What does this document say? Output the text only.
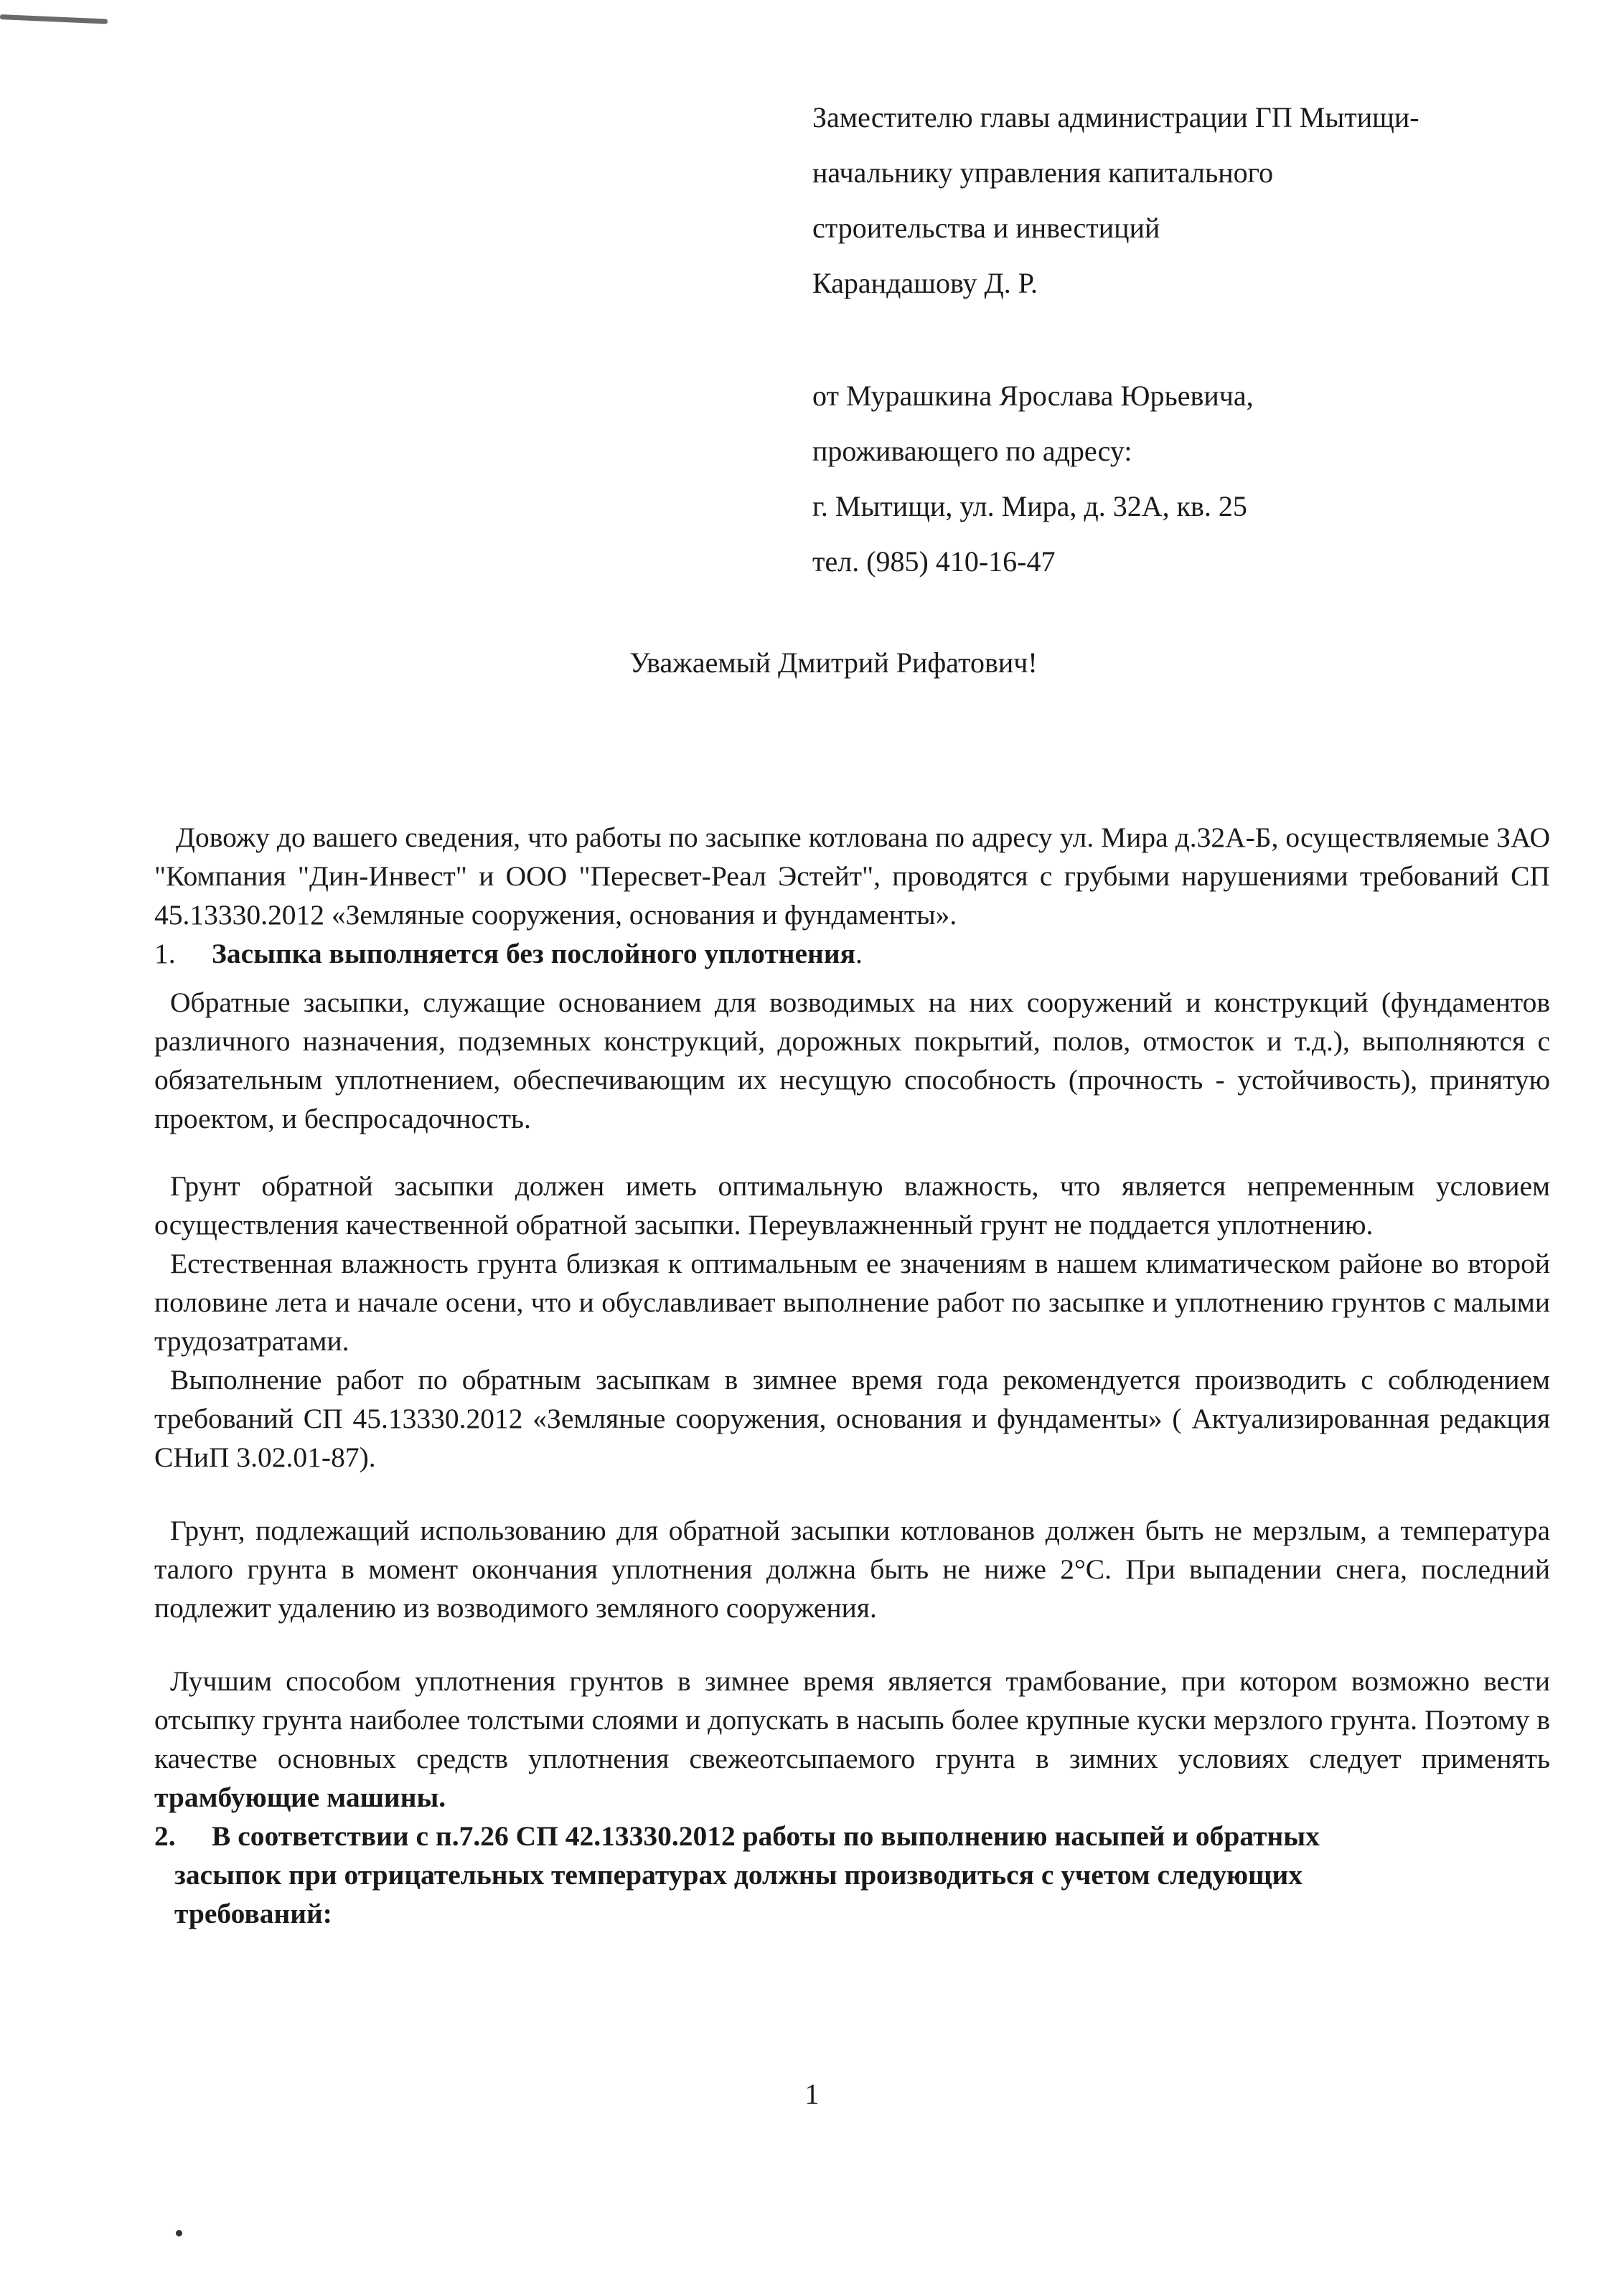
Заместителю главы администрации ГП Мытищи-
начальнику управления капитального
строительства и инвестиций
Карандашову Д. Р.
от Мурашкина Ярослава Юрьевича,
проживающего по адресу:
г. Мытищи, ул. Мира, д. 32А, кв. 25
тел. (985) 410-16-47
Уважаемый Дмитрий Рифатович!

Довожу до вашего сведения, что работы по засыпке котлована по адресу ул. Мира д.32А-Б, осуществляемые ЗАО "Компания "Дин-Инвест" и ООО "Пересвет-Реал Эстейт", проводятся с грубыми нарушениями требований СП 45.13330.2012 «Земляные сооружения, основания и фундаменты».

1.	Засыпка выполняется без послойного уплотнения.

Обратные засыпки, служащие основанием для возводимых на них сооружений и конструкций (фундаментов различного назначения, подземных конструкций, дорожных покрытий, полов, отмосток и т.д.), выполняются с обязательным уплотнением, обеспечивающим их несущую способность (прочность - устойчивость), принятую проектом, и беспросадочность.

Грунт обратной засыпки должен иметь оптимальную влажность, что является непременным условием осуществления качественной обратной засыпки. Переувлажненный грунт не поддается уплотнению.

Естественная влажность грунта близкая к оптимальным ее значениям в нашем климатическом районе во второй половине лета и начале осени, что и обуславливает выполнение работ по засыпке и уплотнению грунтов с малыми трудозатратами.

Выполнение работ по обратным засыпкам в зимнее время года рекомендуется производить с соблюдением требований СП 45.13330.2012 «Земляные сооружения, основания и фундаменты» ( Актуализированная редакция СНиП 3.02.01-87).

Грунт, подлежащий использованию для обратной засыпки котлованов должен быть не мерзлым, а температура талого грунта в момент окончания уплотнения должна быть не ниже 2°С. При выпадении снега, последний подлежит удалению из возводимого земляного сооружения.

Лучшим способом уплотнения грунтов в зимнее время является трамбование, при котором возможно вести отсыпку грунта наиболее толстыми слоями и допускать в насыпь более крупные куски мерзлого грунта. Поэтому в качестве основных средств уплотнения свежеотсыпаемого грунта в зимних условиях следует применять трамбующие машины.

2.	В соответствии с п.7.26 СП 42.13330.2012 работы по выполнению насыпей и обратных
засыпок при отрицательных температурах должны производиться с учетом следующих
требований:
1
